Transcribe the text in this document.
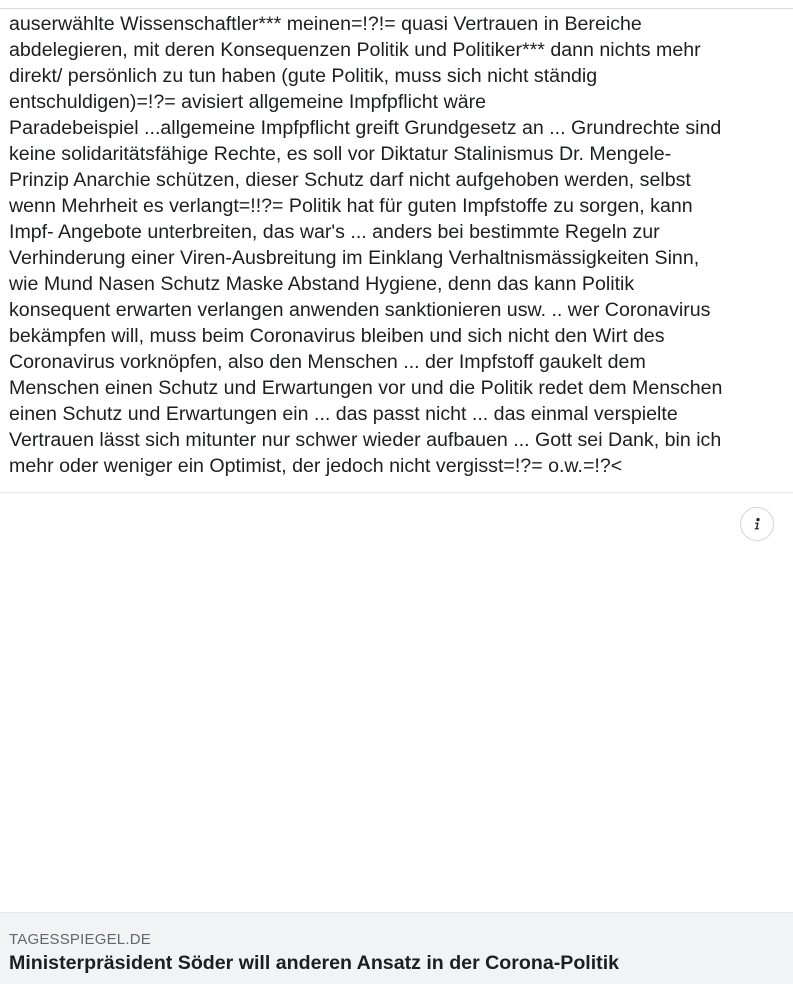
auserwählte Wissenschaftler*** meinen=!?!= quasi Vertrauen in Bereiche
abdelegieren, mit deren Konsequenzen Politik und Politiker*** dann nichts mehr
direkt/ persönlich zu tun haben (gute Politik, muss sich nicht ständig
entschuldigen)=!?= avisiert allgemeine Impfpflicht wäre
Paradebeispiel ...allgemeine Impfpflicht greift Grundgesetz an ... Grundrechte sind
keine solidaritätsfähige Rechte, es soll vor Diktatur Stalinismus Dr. Mengele-
Prinzip Anarchie schützen, dieser Schutz darf nicht aufgehoben werden, selbst
wenn Mehrheit es verlangt=!!?= Politik hat für guten Impfstoffe zu sorgen, kann
Impf- Angebote unterbreiten, das war's ... anders bei bestimmte Regeln zur
Verhinderung einer Viren-Ausbreitung im Einklang Verhaltnismässigkeiten Sinn,
wie Mund Nasen Schutz Maske Abstand Hygiene, denn das kann Politik
konsequent erwarten verlangen anwenden sanktionieren usw. .. wer Coronavirus
bekämpfen will, muss beim Coronavirus bleiben und sich nicht den Wirt des
Coronavirus vorknöpfen, also den Menschen ... der Impfstoff gaukelt dem
Menschen einen Schutz und Erwartungen vor und die Politik redet dem Menschen
einen Schutz und Erwartungen ein ... das passt nicht ... das einmal verspielte
Vertrauen lässt sich mitunter nur schwer wieder aufbauen ... Gott sei Dank, bin ich
mehr oder weniger ein Optimist, der jedoch nicht vergisst=!?= o.w.=!?<
TAGESSPIEGEL.DE
Ministerpräsident Söder will anderen Ansatz in der Corona-Politik
